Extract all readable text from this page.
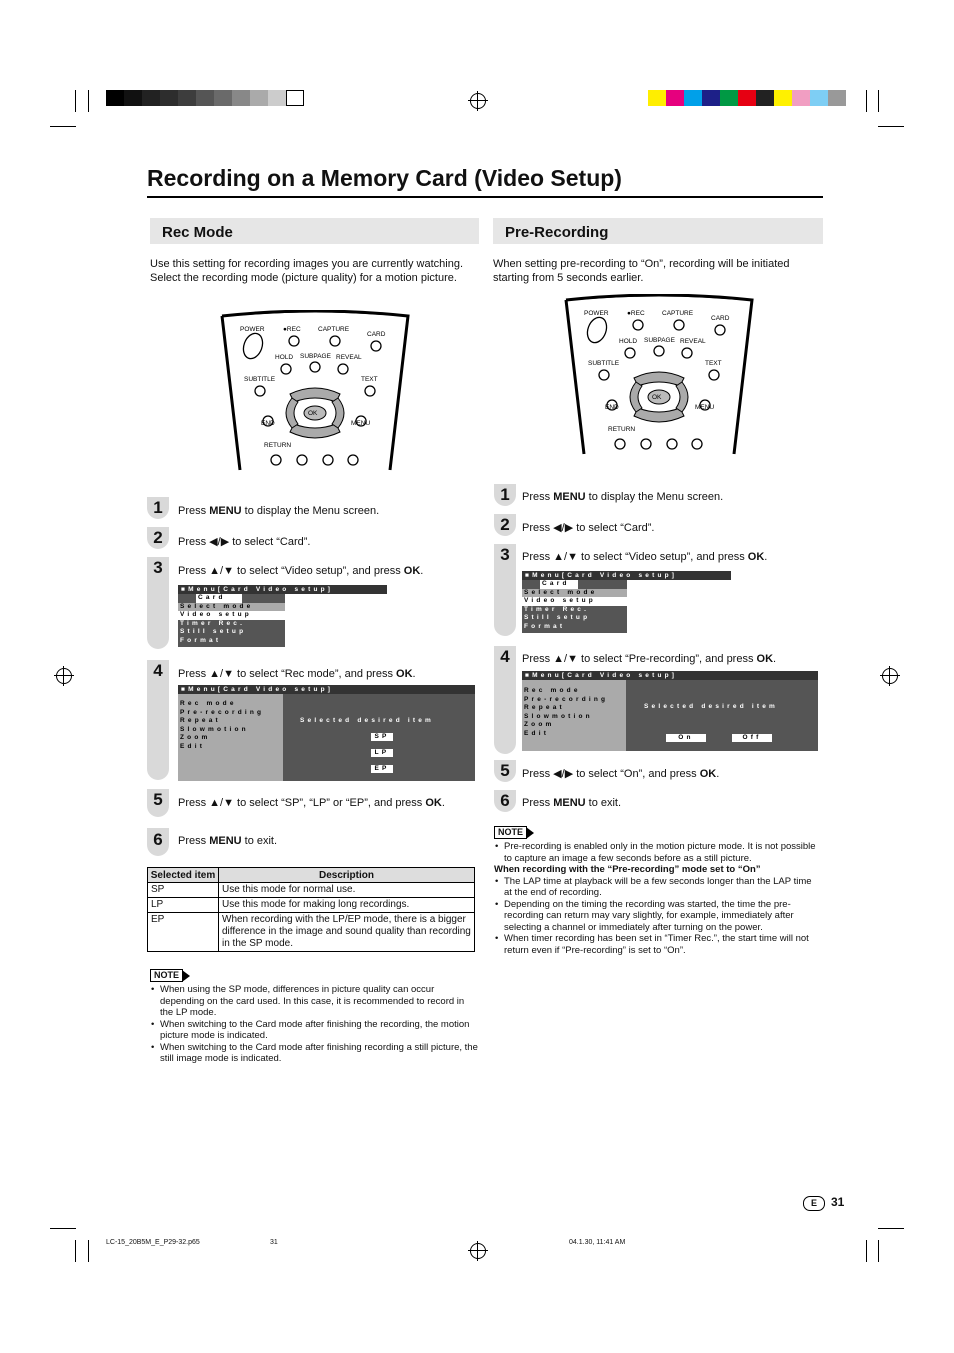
Recording on a Memory Card (Video Setup)
Rec Mode
Use this setting for recording images you are currently watching. Select the recording mode (picture quality) for a motion picture.
POWER	●REC	CAPTURE
CARD
HOLD SUBPAGE REVEAL
SUBTITLE	TEXT
OK
END	MENU
RETURN
1
2
3
4
5
6
Press MENU to display the Menu screen.
Press ◀/▶ to select “Card”.
Press ▲/▼ to select “Video setup”, and press OK.
Press ▲/▼ to select “Rec mode”, and press OK.
Press ▲/▼ to select “SP”, “LP” or “EP”, and press OK.
Press MENU to exit.
■Menu[Card Video setup]
Card
Select mode
Video setup
Timer Rec.
Still setup
Format
■Menu[Card Video setup]
Rec mode
Pre-recording
Repeat
Slowmotion
Zoom
Edit
Selected desired item
SP
LP
EP
Selected item	Description
SP	Use this mode for normal use.
LP	Use this mode for making long recordings.
EP	When recording with the LP/EP mode, there is a bigger difference in the image and sound quality than recording in the SP mode.
NOTE
• When using the SP mode, differences in picture quality can occur depending on the card used. In this case, it is recommended to record in the LP mode.
• When switching to the Card mode after finishing the recording, the motion picture mode is indicated.
• When switching to the Card mode after finishing recording a still picture, the still image mode is indicated.
Pre-Recording
When setting pre-recording to “On”, recording will be initiated starting from 5 seconds earlier.
POWER	●REC	CAPTURE
CARD
HOLD SUBPAGE REVEAL
SUBTITLE	TEXT
OK
END	MENU
RETURN
1
2
3
4
5
6
Press MENU to display the Menu screen.
Press ◀/▶ to select “Card”.
Press ▲/▼ to select “Video setup”, and press OK.
Press ▲/▼ to select “Pre-recording”, and press OK.
Press ◀/▶ to select “On”, and press OK.
Press MENU to exit.
■Menu[Card Video setup]
Card
Select mode
Video setup
Timer Rec.
Still setup
Format
■Menu[Card Video setup]
Rec mode
Pre-recording
Repeat
Slowmotion
Zoom
Edit
Selected desired item
On	Off
NOTE
• Pre-recording is enabled only in the motion picture mode. It is not possible to capture an image a few seconds before as a still picture.
When recording with the “Pre-recording” mode set to “On”
• The LAP time at playback will be a few seconds longer than the LAP time at the end of recording.
• Depending on the timing the recording was started, the time the pre-recording can return may vary slightly, for example, immediately after selecting a channel or immediately after turning on the power.
• When timer recording has been set in “Timer Rec.”, the start time will not return even if “Pre-recording” is set to “On”.
E 31
LC-15_20B5M_E_P29-32.p65	31	04.1.30, 11:41 AM
